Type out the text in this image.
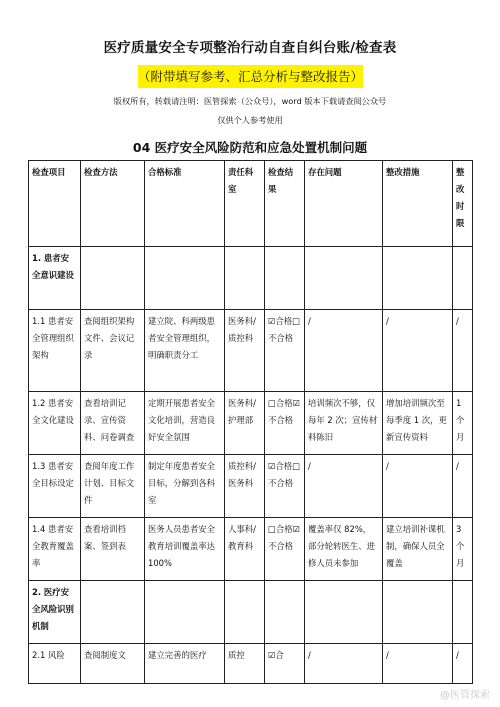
医疗质量安全专项整治行动自查自纠台账/检查表
（附带填写参考、汇总分析与整改报告）
版权所有，转载请注明：医管探索（公众号），word 版本下载请查阅公众号
仅供个人参考使用
04 医疗安全风险防范和应急处置机制问题
检查项目	检查方法	合格标准	责任科室	检查结果	存在问题	整改措施	整改时限
1. 患者安全意识建设							
1.1 患者安全管理组织架构	查阅组织架构文件、会议记录	建立院、科两级患者安全管理组织，明确职责分工	医务科/质控科	☑合格□不合格	/	/	/
1.2 患者安全文化建设	查看培训记录、宣传资料、问卷调查	定期开展患者安全文化培训，营造良好安全氛围	医务科/护理部	□合格☑不合格	培训频次不够，仅每年 2 次；宣传材料陈旧	增加培训频次至每季度 1 次，更新宣传资料	1个月
1.3 患者安全目标设定	查阅年度工作计划、目标文件	制定年度患者安全目标，分解到各科室	质控科/医务科	☑合格□不合格	/	/	/
1.4 患者安全教育覆盖率	查看培训档案、签到表	医务人员患者安全教育培训覆盖率达 100%	人事科/教育科	□合格☑不合格	覆盖率仅 82%，部分轮转医生、进修人员未参加	建立培训补课机制，确保人员全覆盖	3个月
2. 医疗安全风险识别机制							
2.1 风险	查阅制度文	建立完善的医疗	质控	☑合	/	/	/
@医管探索
